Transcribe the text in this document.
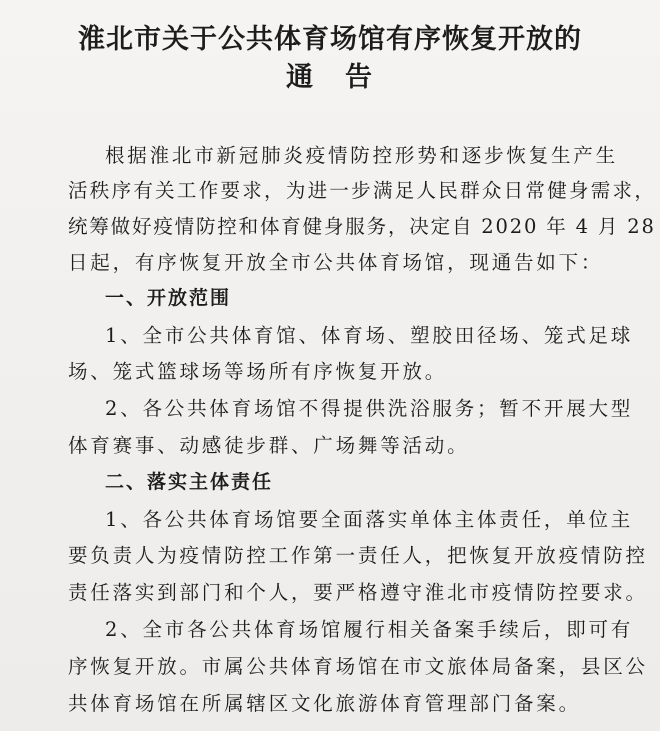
淮北市关于公共体育场馆有序恢复开放的
通 告
根据淮北市新冠肺炎疫情防控形势和逐步恢复生产生
活秩序有关工作要求，为进一步满足人民群众日常健身需求，
统筹做好疫情防控和体育健身服务，决定自 2020 年 4 月 28
日起，有序恢复开放全市公共体育场馆，现通告如下：
一、开放范围
1、全市公共体育馆、体育场、塑胶田径场、笼式足球
场、笼式篮球场等场所有序恢复开放。
2、各公共体育场馆不得提供洗浴服务；暂不开展大型
体育赛事、动感徒步群、广场舞等活动。
二、落实主体责任
1、各公共体育场馆要全面落实单体主体责任，单位主
要负责人为疫情防控工作第一责任人，把恢复开放疫情防控
责任落实到部门和个人，要严格遵守淮北市疫情防控要求。
2、全市各公共体育场馆履行相关备案手续后，即可有
序恢复开放。市属公共体育场馆在市文旅体局备案，县区公
共体育场馆在所属辖区文化旅游体育管理部门备案。
